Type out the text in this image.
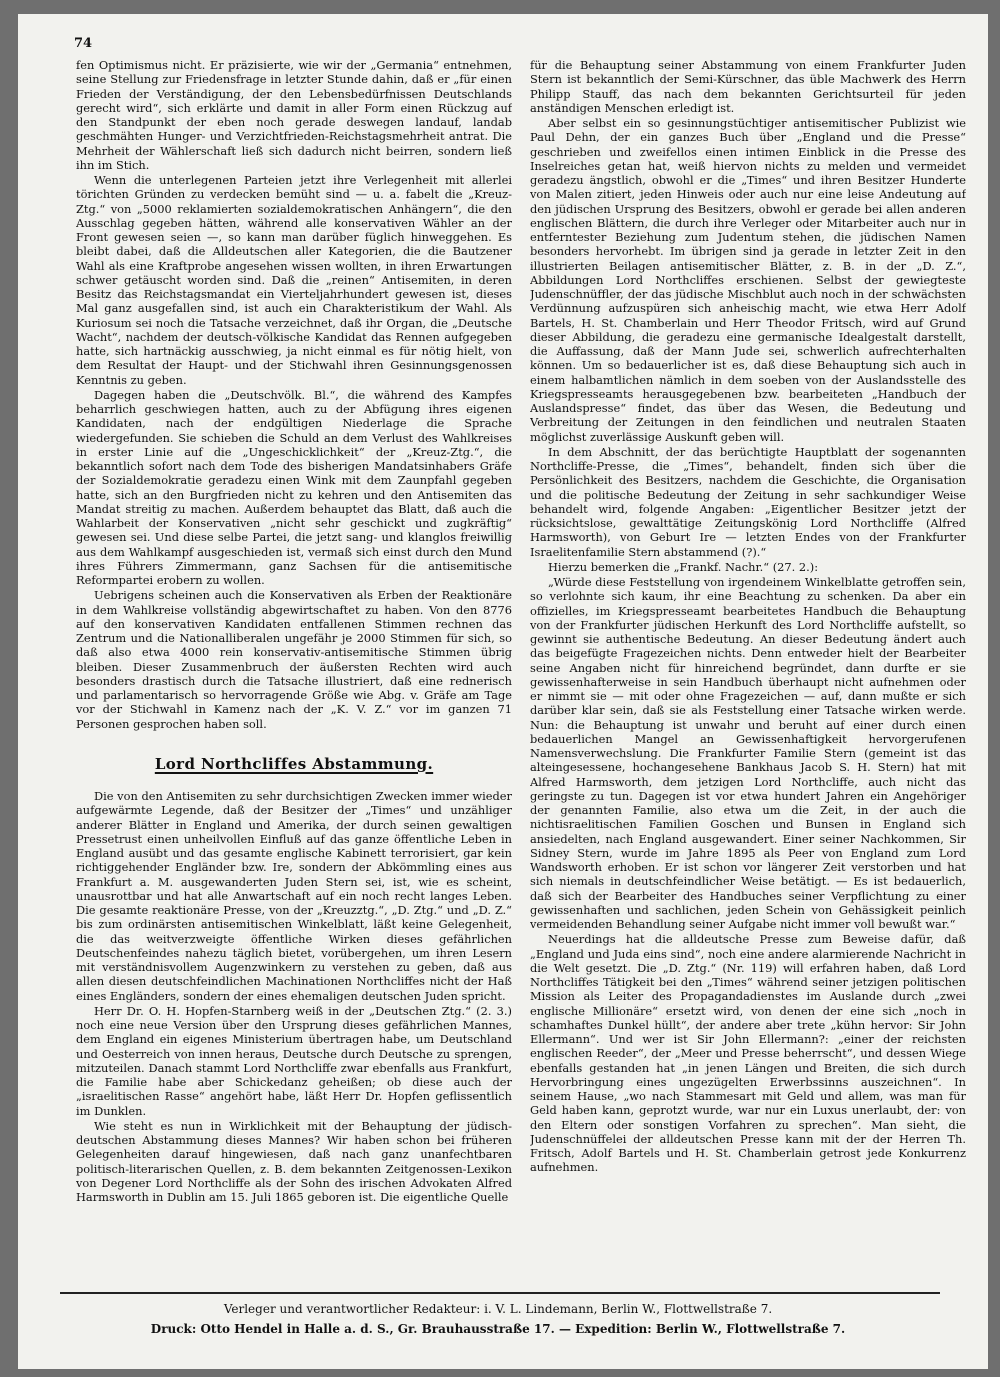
74

fen Optimismus nicht. Er präzisierte, wie wir der „Germania“ entnehmen, seine Stellung zur Friedensfrage in letzter Stunde dahin, daß er „für einen Frieden der Verständigung, der den Lebensbedürfnissen Deutschlands gerecht wird“, sich erklärte und damit in aller Form einen Rückzug auf den Standpunkt der eben noch gerade deswegen landauf, landab geschmähten Hunger- und Verzichtfrieden-Reichstagsmehrheit antrat. Die Mehrheit der Wählerschaft ließ sich dadurch nicht beirren, sondern ließ ihn im Stich.

Wenn die unterlegenen Parteien jetzt ihre Verlegenheit mit allerlei törichten Gründen zu verdecken bemüht sind — u. a. fabelt die „Kreuz-Ztg.“ von „5000 reklamierten sozialdemokratischen Anhängern“, die den Ausschlag gegeben hätten, während alle konservativen Wähler an der Front gewesen seien —, so kann man darüber füglich hinweggehen. Es bleibt dabei, daß die Alldeutschen aller Kategorien, die die Bautzener Wahl als eine Kraftprobe angesehen wissen wollten, in ihren Erwartungen schwer getäuscht worden sind. Daß die „reinen“ Antisemiten, in deren Besitz das Reichstagsmandat ein Vierteljahrhundert gewesen ist, dieses Mal ganz ausgefallen sind, ist auch ein Charakteristikum der Wahl. Als Kuriosum sei noch die Tatsache verzeichnet, daß ihr Organ, die „Deutsche Wacht“, nachdem der deutsch-völkische Kandidat das Rennen aufgegeben hatte, sich hartnäckig ausschwieg, ja nicht einmal es für nötig hielt, von dem Resultat der Haupt- und der Stichwahl ihren Gesinnungsgenossen Kenntnis zu geben.

Dagegen haben die „Deutschvölk. Bl.“, die während des Kampfes beharrlich geschwiegen hatten, auch zu der Abfügung ihres eigenen Kandidaten, nach der endgültigen Niederlage die Sprache wiedergefunden. Sie schieben die Schuld an dem Verlust des Wahlkreises in erster Linie auf die „Ungeschicklichkeit“ der „Kreuz-Ztg.“, die bekanntlich sofort nach dem Tode des bisherigen Mandatsinhabers Gräfe der Sozialdemokratie geradezu einen Wink mit dem Zaunpfahl gegeben hatte, sich an den Burgfrieden nicht zu kehren und den Antisemiten das Mandat streitig zu machen. Außerdem behauptet das Blatt, daß auch die Wahlarbeit der Konservativen „nicht sehr geschickt und zugkräftig“ gewesen sei. Und diese selbe Partei, die jetzt sang- und klanglos freiwillig aus dem Wahlkampf ausgeschieden ist, vermaß sich einst durch den Mund ihres Führers Zimmermann, ganz Sachsen für die antisemitische Reformpartei erobern zu wollen.

Uebrigens scheinen auch die Konservativen als Erben der Reaktionäre in dem Wahlkreise vollständig abgewirtschaftet zu haben. Von den 8776 auf den konservativen Kandidaten entfallenen Stimmen rechnen das Zentrum und die Nationalliberalen ungefähr je 2000 Stimmen für sich, so daß also etwa 4000 rein konservativ-antisemitische Stimmen übrig bleiben. Dieser Zusammenbruch der äußersten Rechten wird auch besonders drastisch durch die Tatsache illustriert, daß eine rednerisch und parlamentarisch so hervorragende Größe wie Abg. v. Gräfe am Tage vor der Stichwahl in Kamenz nach der „K. V. Z.“ vor im ganzen 71 Personen gesprochen haben soll.

Lord Northcliffes Abstammung.

Die von den Antisemiten zu sehr durchsichtigen Zwecken immer wieder aufgewärmte Legende, daß der Besitzer der „Times“ und unzähliger anderer Blätter in England und Amerika, der durch seinen gewaltigen Pressetrust einen unheilvollen Einfluß auf das ganze öffentliche Leben in England ausübt und das gesamte englische Kabinett terrorisiert, gar kein richtiggehender Engländer bzw. Ire, sondern der Abkömmling eines aus Frankfurt a. M. ausgewanderten Juden Stern sei, ist, wie es scheint, unausrottbar und hat alle Anwartschaft auf ein noch recht langes Leben. Die gesamte reaktionäre Presse, von der „Kreuzztg.“, „D. Ztg.“ und „D. Z.“ bis zum ordinärsten antisemitischen Winkelblatt, läßt keine Gelegenheit, die das weitverzweigte öffentliche Wirken dieses gefährlichen Deutschenfeindes nahezu täglich bietet, vorübergehen, um ihren Lesern mit verständnisvollem Augenzwinkern zu verstehen zu geben, daß aus allen diesen deutschfeindlichen Machinationen Northcliffes nicht der Haß eines Engländers, sondern der eines ehemaligen deutschen Juden spricht.

Herr Dr. O. H. Hopfen-Starnberg weiß in der „Deutschen Ztg.“ (2. 3.) noch eine neue Version über den Ursprung dieses gefährlichen Mannes, dem England ein eigenes Ministerium übertragen habe, um Deutschland und Oesterreich von innen heraus, Deutsche durch Deutsche zu sprengen, mitzuteilen. Danach stammt Lord Northcliffe zwar ebenfalls aus Frankfurt, die Familie habe aber Schickedanz geheißen; ob diese auch der „israelitischen Rasse“ angehört habe, läßt Herr Dr. Hopfen geflissentlich im Dunklen.

Wie steht es nun in Wirklichkeit mit der Behauptung der jüdisch-deutschen Abstammung dieses Mannes? Wir haben schon bei früheren Gelegenheiten darauf hingewiesen, daß nach ganz unanfechtbaren politisch-literarischen Quellen, z. B. dem bekannten Zeitgenossen-Lexikon von Degener Lord Northcliffe als der Sohn des irischen Advokaten Alfred Harmsworth in Dublin am 15. Juli 1865 geboren ist. Die eigentliche Quelle

für die Behauptung seiner Abstammung von einem Frankfurter Juden Stern ist bekanntlich der Semi-Kürschner, das üble Machwerk des Herrn Philipp Stauff, das nach dem bekannten Gerichtsurteil für jeden anständigen Menschen erledigt ist.

Aber selbst ein so gesinnungstüchtiger antisemitischer Publizist wie Paul Dehn, der ein ganzes Buch über „England und die Presse“ geschrieben und zweifellos einen intimen Einblick in die Presse des Inselreiches getan hat, weiß hiervon nichts zu melden und vermeidet geradezu ängstlich, obwohl er die „Times“ und ihren Besitzer Hunderte von Malen zitiert, jeden Hinweis oder auch nur eine leise Andeutung auf den jüdischen Ursprung des Besitzers, obwohl er gerade bei allen anderen englischen Blättern, die durch ihre Verleger oder Mitarbeiter auch nur in entferntester Beziehung zum Judentum stehen, die jüdischen Namen besonders hervorhebt. Im übrigen sind ja gerade in letzter Zeit in den illustrierten Beilagen antisemitischer Blätter, z. B. in der „D. Z.“, Abbildungen Lord Northcliffes erschienen. Selbst der gewiegteste Judenschnüffler, der das jüdische Mischblut auch noch in der schwächsten Verdünnung aufzuspüren sich anheischig macht, wie etwa Herr Adolf Bartels, H. St. Chamberlain und Herr Theodor Fritsch, wird auf Grund dieser Abbildung, die geradezu eine germanische Idealgestalt darstellt, die Auffassung, daß der Mann Jude sei, schwerlich aufrechterhalten können. Um so bedauerlicher ist es, daß diese Behauptung sich auch in einem halbamtlichen nämlich in dem soeben von der Auslandsstelle des Kriegspresseamts herausgegebenen bzw. bearbeiteten „Handbuch der Auslandspresse“ findet, das über das Wesen, die Bedeutung und Verbreitung der Zeitungen in den feindlichen und neutralen Staaten möglichst zuverlässige Auskunft geben will.

In dem Abschnitt, der das berüchtigte Hauptblatt der sogenannten Northcliffe-Presse, die „Times“, behandelt, finden sich über die Persönlichkeit des Besitzers, nachdem die Geschichte, die Organisation und die politische Bedeutung der Zeitung in sehr sachkundiger Weise behandelt wird, folgende Angaben: „Eigentlicher Besitzer jetzt der rücksichtslose, gewalttätige Zeitungskönig Lord Northcliffe (Alfred Harmsworth), von Geburt Ire — letzten Endes von der Frankfurter Israelitenfamilie Stern abstammend (?).“

Hierzu bemerken die „Frankf. Nachr.“ (27. 2.):

„Würde diese Feststellung von irgendeinem Winkelblatte getroffen sein, so verlohnte sich kaum, ihr eine Beachtung zu schenken. Da aber ein offizielles, im Kriegspresseamt bearbeitetes Handbuch die Behauptung von der Frankfurter jüdischen Herkunft des Lord Northcliffe aufstellt, so gewinnt sie authentische Bedeutung. An dieser Bedeutung ändert auch das beigefügte Fragezeichen nichts. Denn entweder hielt der Bearbeiter seine Angaben nicht für hinreichend begründet, dann durfte er sie gewissenhafterweise in sein Handbuch überhaupt nicht aufnehmen oder er nimmt sie — mit oder ohne Fragezeichen — auf, dann mußte er sich darüber klar sein, daß sie als Feststellung einer Tatsache wirken werde. Nun: die Behauptung ist unwahr und beruht auf einer durch einen bedauerlichen Mangel an Gewissenhaftigkeit hervorgerufenen Namensverwechslung. Die Frankfurter Familie Stern (gemeint ist das alteingesessene, hochangesehene Bankhaus Jacob S. H. Stern) hat mit Alfred Harmsworth, dem jetzigen Lord Northcliffe, auch nicht das geringste zu tun. Dagegen ist vor etwa hundert Jahren ein Angehöriger der genannten Familie, also etwa um die Zeit, in der auch die nichtisraelitischen Familien Goschen und Bunsen in England sich ansiedelten, nach England ausgewandert. Einer seiner Nachkommen, Sir Sidney Stern, wurde im Jahre 1895 als Peer von England zum Lord Wandsworth erhoben. Er ist schon vor längerer Zeit verstorben und hat sich niemals in deutschfeindlicher Weise betätigt. — Es ist bedauerlich, daß sich der Bearbeiter des Handbuches seiner Verpflichtung zu einer gewissenhaften und sachlichen, jeden Schein von Gehässigkeit peinlich vermeidenden Behandlung seiner Aufgabe nicht immer voll bewußt war.“

Neuerdings hat die alldeutsche Presse zum Beweise dafür, daß „England und Juda eins sind“, noch eine andere alarmierende Nachricht in die Welt gesetzt. Die „D. Ztg.“ (Nr. 119) will erfahren haben, daß Lord Northcliffes Tätigkeit bei den „Times“ während seiner jetzigen politischen Mission als Leiter des Propagandadienstes im Auslande durch „zwei englische Millionäre“ ersetzt wird, von denen der eine sich „noch in schamhaftes Dunkel hüllt“, der andere aber trete „kühn hervor: Sir John Ellermann“. Und wer ist Sir John Ellermann?: „einer der reichsten englischen Reeder“, der „Meer und Presse beherrscht“, und dessen Wiege ebenfalls gestanden hat „in jenen Längen und Breiten, die sich durch Hervorbringung eines ungezügelten Erwerbssinns auszeichnen“. In seinem Hause, „wo nach Stammesart mit Geld und allem, was man für Geld haben kann, geprotzt wurde, war nur ein Luxus unerlaubt, der: von den Eltern oder sonstigen Vorfahren zu sprechen“. Man sieht, die Judenschnüffelei der alldeutschen Presse kann mit der der Herren Th. Fritsch, Adolf Bartels und H. St. Chamberlain getrost jede Konkurrenz aufnehmen.

Verleger und verantwortlicher Redakteur: i. V. L. Lindemann, Berlin W., Flottwellstraße 7.
Druck: Otto Hendel in Halle a. d. S., Gr. Brauhausstraße 17. — Expedition: Berlin W., Flottwellstraße 7.
